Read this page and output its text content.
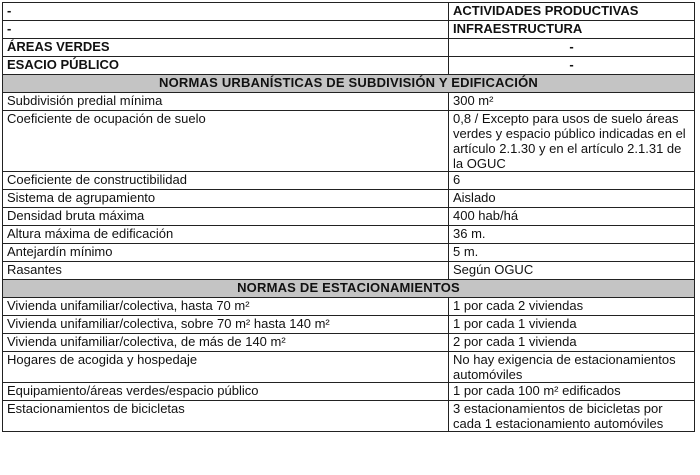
-	ACTIVIDADES PRODUCTIVAS
-	INFRAESTRUCTURA
ÁREAS VERDES	-
ESACIO PÚBLICO	-
NORMAS URBANÍSTICAS DE SUBDIVISIÓN Y EDIFICACIÓN	
Subdivisión predial mínima	300 m²
Coeficiente de ocupación de suelo	0,8 / Excepto para usos de suelo áreas verdes y espacio público indicadas en el artículo 2.1.30 y en el artículo 2.1.31 de la OGUC
Coeficiente de constructibilidad	6
Sistema de agrupamiento	Aislado
Densidad bruta máxima	400 hab/há
Altura máxima de edificación	36 m.
Antejardín mínimo	5 m.
Rasantes	Según OGUC
NORMAS DE ESTACIONAMIENTOS	
Vivienda unifamiliar/colectiva, hasta 70 m²	1 por cada 2 viviendas
Vivienda unifamiliar/colectiva, sobre 70 m² hasta 140 m²	1 por cada 1 vivienda
Vivienda unifamiliar/colectiva, de más de 140 m²	2 por cada 1 vivienda
Hogares de acogida y hospedaje	No hay exigencia de estacionamientos automóviles
Equipamiento/áreas verdes/espacio público	1 por cada 100 m² edificados
Estacionamientos de bicicletas	3 estacionamientos de bicicletas por cada 1 estacionamiento automóviles
